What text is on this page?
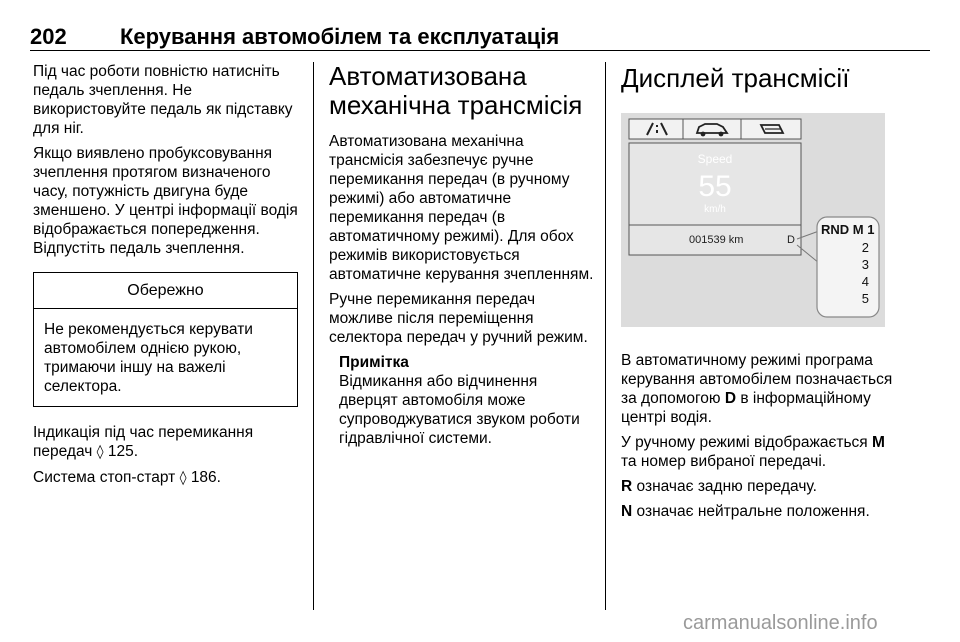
202 Керування автомобілем та експлуатація

Під час роботи повністю натисніть педаль зчеплення. Не використовуйте педаль як підставку для ніг.

Якщо виявлено пробуксовування зчеплення протягом визначеного часу, потужність двигуна буде зменшено. У центрі інформації водія відображається попередження. Відпустіть педаль зчеплення.

Обережно
Не рекомендується керувати автомобілем однією рукою, тримаючи іншу на важелі селектора.

Індикація під час перемикання передач ◊ 125.

Система стоп-старт ◊ 186.

Автоматизована механічна трансмісія

Автоматизована механічна трансмісія забезпечує ручне перемикання передач (в ручному режимі) або автоматичне перемикання передач (в автоматичному режимі). Для обох режимів використовується автоматичне керування зчепленням.

Ручне перемикання передач можливе після переміщення селектора передач у ручний режим.

Примітка
Відмикання або відчинення дверцят автомобіля може супроводжуватися звуком роботи гідравлічної системи.
Дисплей трансмісії
Speed
55
km/h
001539 km	D
RND M 1
2
3
4
5

В автоматичному режимі програма керування автомобілем позначається за допомогою D в інформаційному центрі водія.

У ручному режимі відображається M та номер вибраної передачі.

R означає задню передачу.

N означає нейтральне положення.

carmanualsonline.info
